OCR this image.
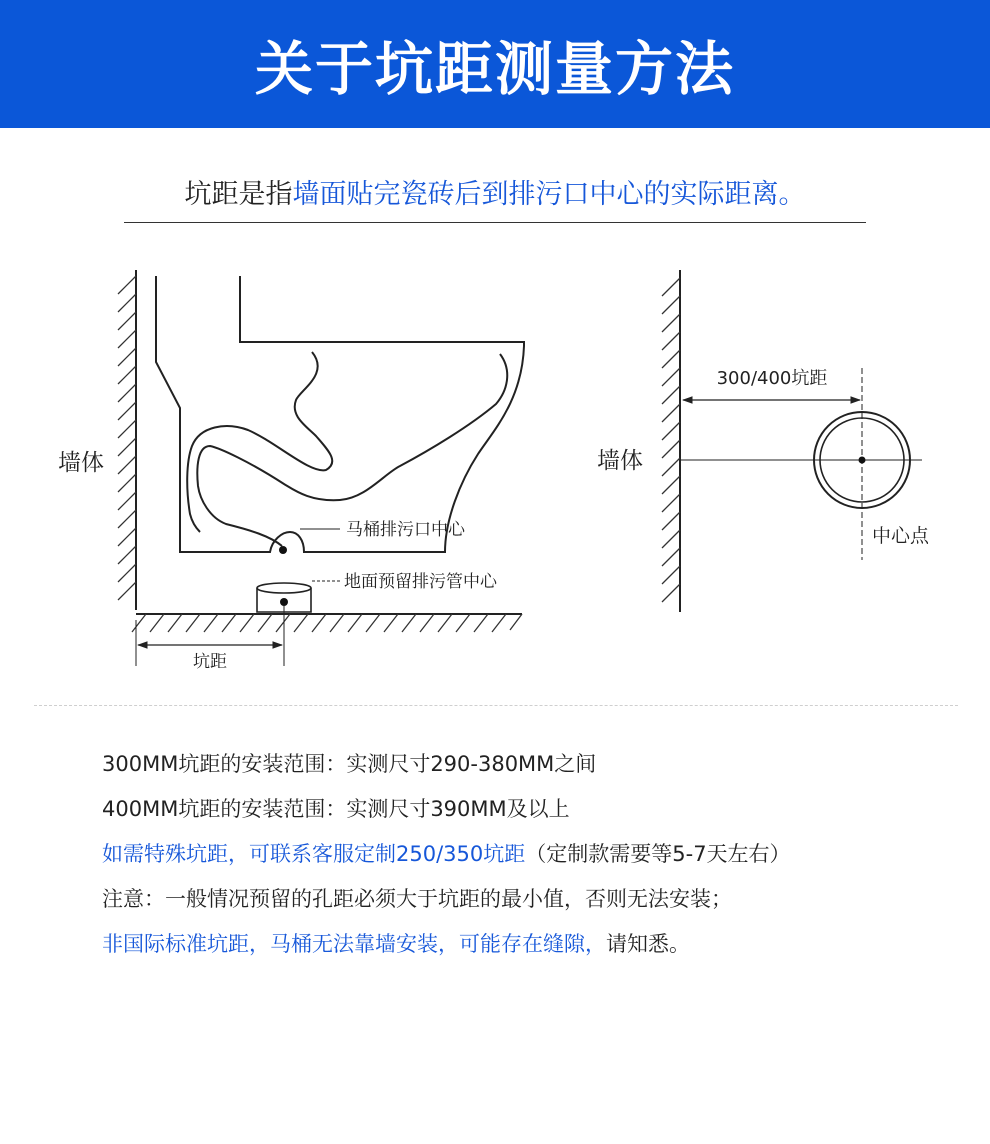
关于坑距测量方法
坑距是指墙面贴完瓷砖后到排污口中心的实际距离。
马桶排污口中心
地面预留排污管中心
坑距
墙体
300/400坑距
中心点
墙体
300MM坑距的安装范围：实测尺寸290-380MM之间
400MM坑距的安装范围：实测尺寸390MM及以上
如需特殊坑距，可联系客服定制250/350坑距（定制款需要等5-7天左右）
注意：一般情况预留的孔距必须大于坑距的最小值，否则无法安装；
非国际标准坑距，马桶无法靠墙安装，可能存在缝隙，请知悉。
